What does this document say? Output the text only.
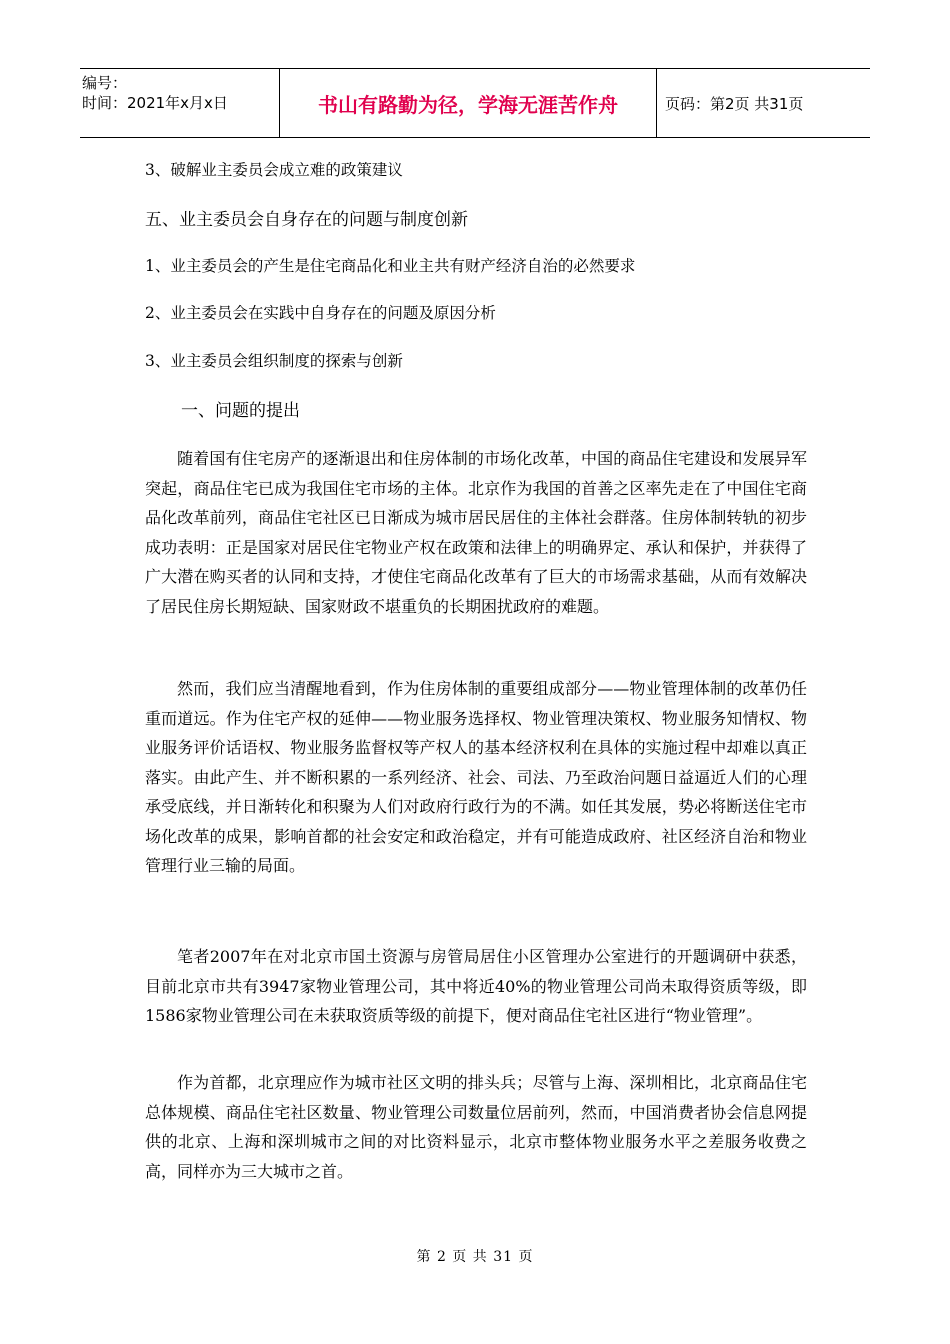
编号：
时间：2021年x月x日	书山有路勤为径，学海无涯苦作舟	页码：第2页 共31页

3、破解业主委员会成立难的政策建议

五、业主委员会自身存在的问题与制度创新

1、业主委员会的产生是住宅商品化和业主共有财产经济自治的必然要求

2、业主委员会在实践中自身存在的问题及原因分析

3、业主委员会组织制度的探索与创新

一、问题的提出

随着国有住宅房产的逐渐退出和住房体制的市场化改革，中国的商品住宅建设和发展异军突起，商品住宅已成为我国住宅市场的主体。北京作为我国的首善之区率先走在了中国住宅商品化改革前列，商品住宅社区已日渐成为城市居民居住的主体社会群落。住房体制转轨的初步成功表明：正是国家对居民住宅物业产权在政策和法律上的明确界定、承认和保护，并获得了广大潜在购买者的认同和支持，才使住宅商品化改革有了巨大的市场需求基础，从而有效解决了居民住房长期短缺、国家财政不堪重负的长期困扰政府的难题。

然而，我们应当清醒地看到，作为住房体制的重要组成部分——物业管理体制的改革仍任重而道远。作为住宅产权的延伸——物业服务选择权、物业管理决策权、物业服务知情权、物业服务评价话语权、物业服务监督权等产权人的基本经济权利在具体的实施过程中却难以真正落实。由此产生、并不断积累的一系列经济、社会、司法、乃至政治问题日益逼近人们的心理承受底线，并日渐转化和积聚为人们对政府行政行为的不满。如任其发展，势必将断送住宅市场化改革的成果，影响首都的社会安定和政治稳定，并有可能造成政府、社区经济自治和物业管理行业三输的局面。

笔者2007年在对北京市国土资源与房管局居住小区管理办公室进行的开题调研中获悉，目前北京市共有3947家物业管理公司，其中将近40%的物业管理公司尚未取得资质等级，即1586家物业管理公司在未获取资质等级的前提下，便对商品住宅社区进行“物业管理”。

作为首都，北京理应作为城市社区文明的排头兵；尽管与上海、深圳相比，北京商品住宅总体规模、商品住宅社区数量、物业管理公司数量位居前列，然而，中国消费者协会信息网提供的北京、上海和深圳城市之间的对比资料显示，北京市整体物业服务水平之差服务收费之高，同样亦为三大城市之首。

第 2 页 共 31 页
